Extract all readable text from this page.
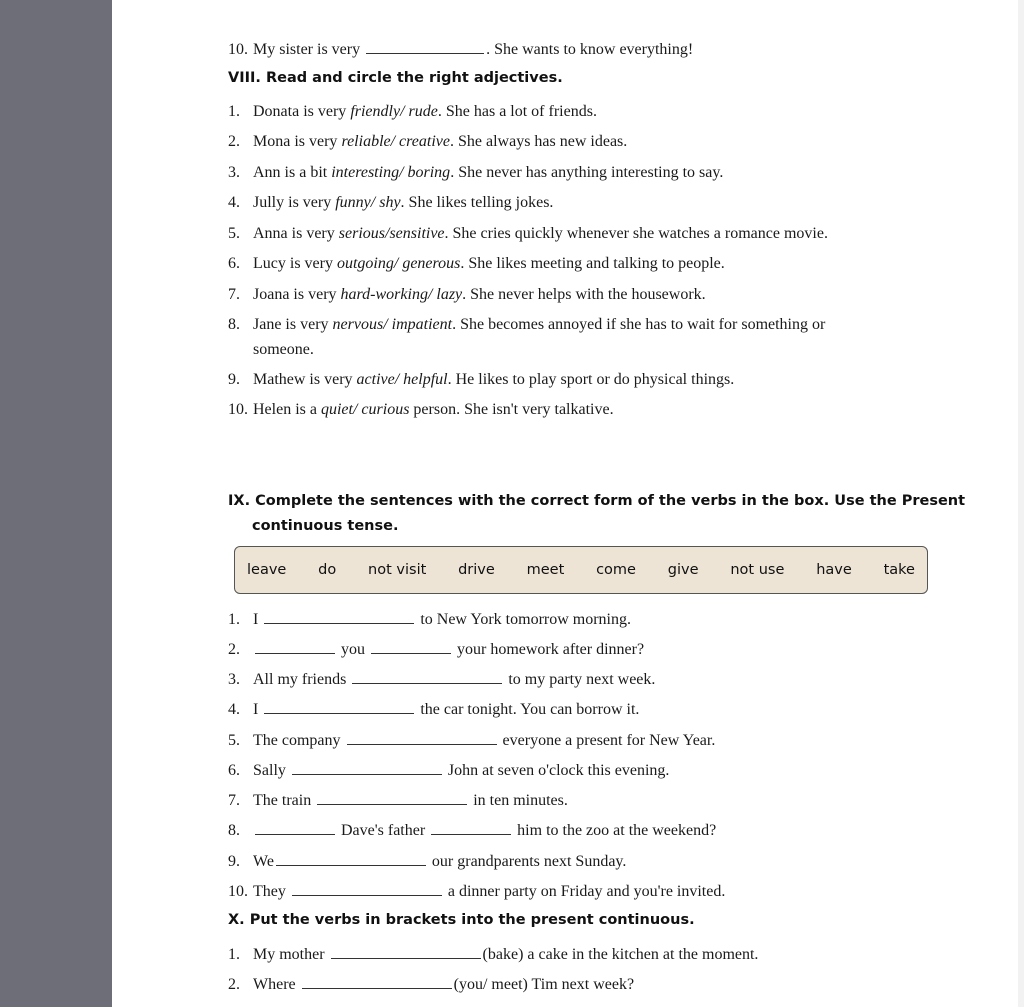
10. My sister is very	. She wants to know everything!
VIII. Read and circle the right adjectives.
1. Donata is very friendly/ rude. She has a lot of friends.
2. Mona is very reliable/ creative. She always has new ideas.
3. Ann is a bit interesting/ boring. She never has anything interesting to say.
4. Jully is very funny/ shy. She likes telling jokes.
5. Anna is very serious/sensitive. She cries quickly whenever she watches a romance movie.
6. Lucy is very outgoing/ generous. She likes meeting and talking to people.
7. Joana is very hard-working/ lazy. She never helps with the housework.
8. Jane is very nervous/ impatient. She becomes annoyed if she has to wait for something or
someone.
9. Mathew is very active/ helpful. He likes to play sport or do physical things.
10. Helen is a quiet/ curious person. She isn't very talkative.
IX. Complete the sentences with the correct form of the verbs in the box. Use the Present
continuous tense.
leave do not visit drive meet come give not use have take
1. I	to New York tomorrow morning.
2.	you	your homework after dinner?
3. All my friends	to my party next week.
4. I	the car tonight. You can borrow it.
5. The company	everyone a present for New Year.
6. Sally	John at seven o'clock this evening.
7. The train	in ten minutes.
8.	Dave's father	him to the zoo at the weekend?
9. We	our grandparents next Sunday.
10. They	a dinner party on Friday and you're invited.
X. Put the verbs in brackets into the present continuous.
1. My mother	(bake) a cake in the kitchen at the moment.
2. Where	(you/ meet) Tim next week?
